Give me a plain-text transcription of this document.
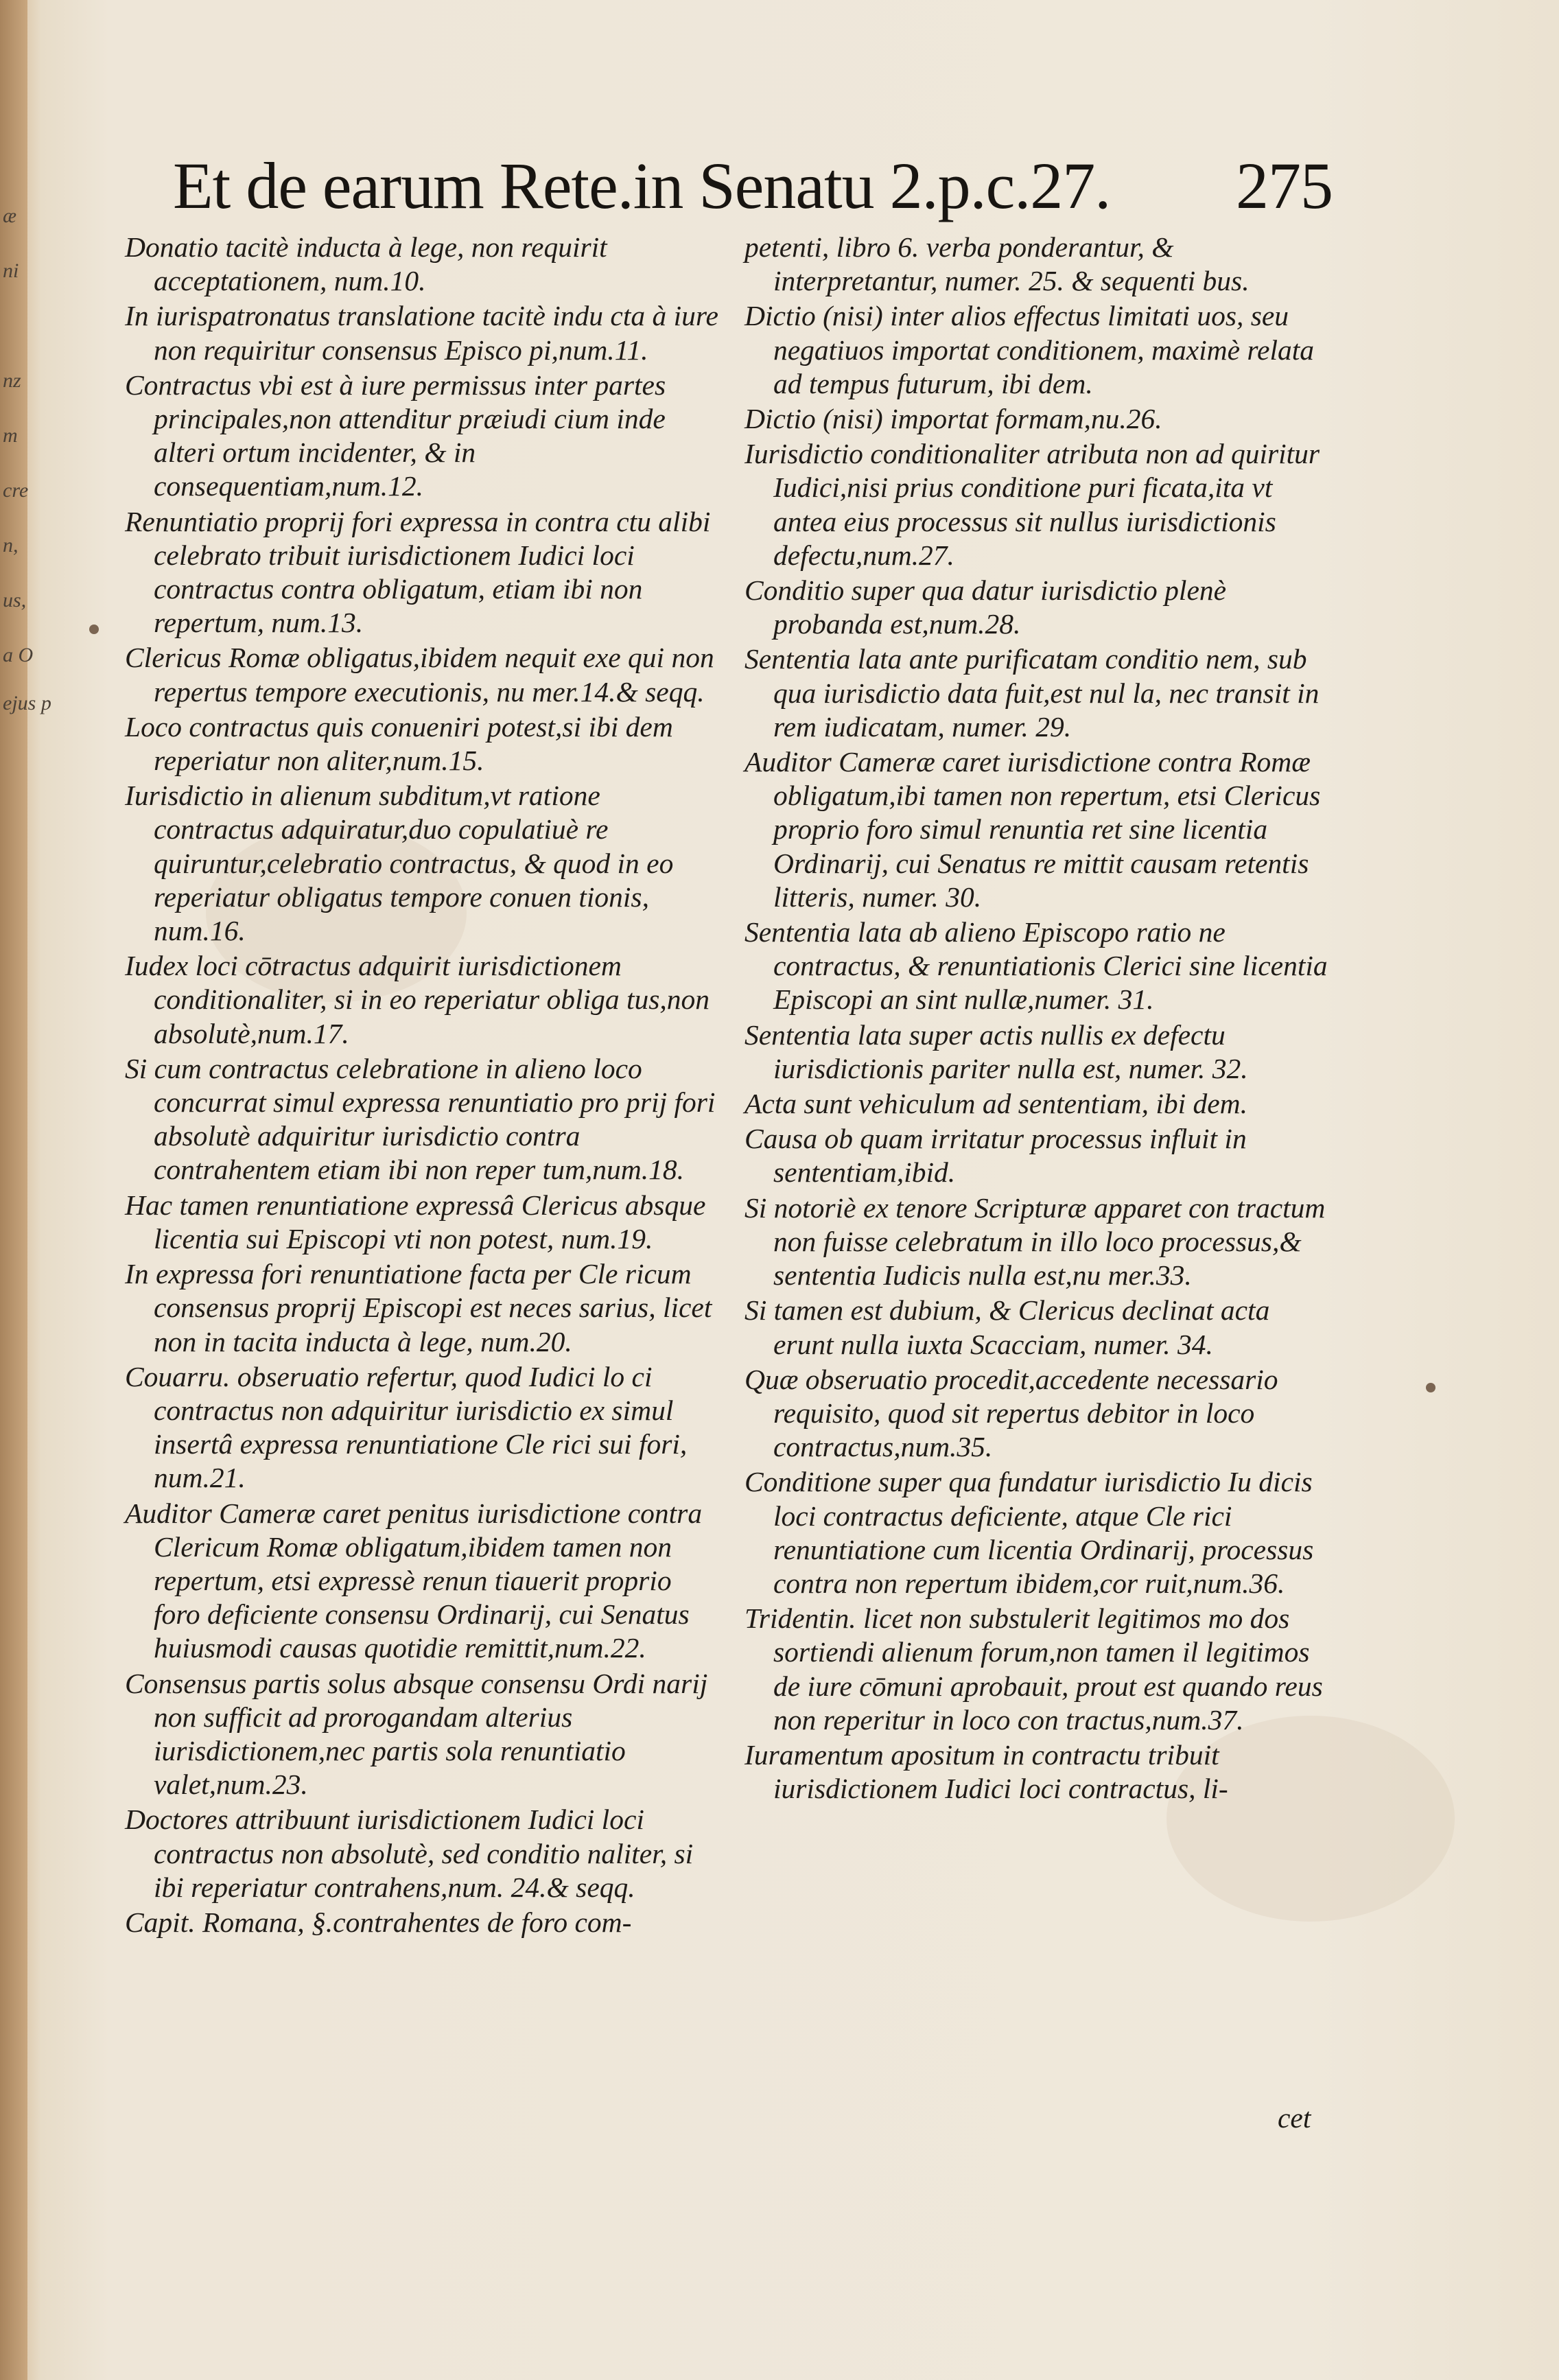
æ
ni
nz
m
cre
n,
us,
a O
ejus p
Et de earum Rete.in Senatu 2.p.c.27. 275

Donatio tacitè inducta à lege, non requirit acceptationem, num.10.

In iurispatronatus translatione tacitè indu cta à iure non requiritur consensus Episco pi,num.11.

Contractus vbi est à iure permissus inter partes principales,non attenditur præiudi cium inde alteri ortum incidenter, & in consequentiam,num.12.

Renuntiatio proprij fori expressa in contra ctu alibi celebrato tribuit iurisdictionem Iudici loci contractus contra obligatum, etiam ibi non repertum, num.13.

Clericus Romæ obligatus,ibidem nequit exe qui non repertus tempore executionis, nu mer.14.& seqq.

Loco contractus quis conueniri potest,si ibi dem reperiatur non aliter,num.15.

Iurisdictio in alienum subditum,vt ratione contractus adquiratur,duo copulatiuè re quiruntur,celebratio contractus, & quod in eo reperiatur obligatus tempore conuen tionis, num.16.

Iudex loci cōtractus adquirit iurisdictionem conditionaliter, si in eo reperiatur obliga tus,non absolutè,num.17.

Si cum contractus celebratione in alieno loco concurrat simul expressa renuntiatio pro prij fori absolutè adquiritur iurisdictio contra contrahentem etiam ibi non reper tum,num.18.

Hac tamen renuntiatione expressâ Clericus absque licentia sui Episcopi vti non potest, num.19.

In expressa fori renuntiatione facta per Cle ricum consensus proprij Episcopi est neces sarius, licet non in tacita inducta à lege, num.20.

Couarru. obseruatio refertur, quod Iudici lo ci contractus non adquiritur iurisdictio ex simul insertâ expressa renuntiatione Cle rici sui fori, num.21.

Auditor Cameræ caret penitus iurisdictione contra Clericum Romæ obligatum,ibidem tamen non repertum, etsi expressè renun tiauerit proprio foro deficiente consensu Ordinarij, cui Senatus huiusmodi causas quotidie remittit,num.22.

Consensus partis solus absque consensu Ordi narij non sufficit ad prorogandam alterius iurisdictionem,nec partis sola renuntiatio valet,num.23.

Doctores attribuunt iurisdictionem Iudici loci contractus non absolutè, sed conditio naliter, si ibi reperiatur contrahens,num. 24.& seqq.

Capit. Romana, §.contrahentes de foro com-

petenti, libro 6. verba ponderantur, & interpretantur, numer. 25. & sequenti bus.

Dictio (nisi) inter alios effectus limitati uos, seu negatiuos importat conditionem, maximè relata ad tempus futurum, ibi dem.

Dictio (nisi) importat formam,nu.26.

Iurisdictio conditionaliter atributa non ad quiritur Iudici,nisi prius conditione puri ficata,ita vt antea eius processus sit nullus iurisdictionis defectu,num.27.

Conditio super qua datur iurisdictio plenè probanda est,num.28.

Sententia lata ante purificatam conditio nem, sub qua iurisdictio data fuit,est nul la, nec transit in rem iudicatam, numer. 29.

Auditor Cameræ caret iurisdictione contra Romæ obligatum,ibi tamen non repertum, etsi Clericus proprio foro simul renuntia ret sine licentia Ordinarij, cui Senatus re mittit causam retentis litteris, numer. 30.

Sententia lata ab alieno Episcopo ratio ne contractus, & renuntiationis Clerici sine licentia Episcopi an sint nullæ,numer. 31.

Sententia lata super actis nullis ex defectu iurisdictionis pariter nulla est, numer. 32.

Acta sunt vehiculum ad sententiam, ibi dem.

Causa ob quam irritatur processus influit in sententiam,ibid.

Si notoriè ex tenore Scripturæ apparet con tractum non fuisse celebratum in illo loco processus,& sententia Iudicis nulla est,nu mer.33.

Si tamen est dubium, & Clericus declinat acta erunt nulla iuxta Scacciam, numer. 34.

Quæ obseruatio procedit,accedente necessario requisito, quod sit repertus debitor in loco contractus,num.35.

Conditione super qua fundatur iurisdictio Iu dicis loci contractus deficiente, atque Cle rici renuntiatione cum licentia Ordinarij, processus contra non repertum ibidem,cor ruit,num.36.

Tridentin. licet non substulerit legitimos mo dos sortiendi alienum forum,non tamen il legitimos de iure cōmuni aprobauit, prout est quando reus non reperitur in loco con tractus,num.37.

Iuramentum apositum in contractu tribuit iurisdictionem Iudici loci contractus, li-

cet
